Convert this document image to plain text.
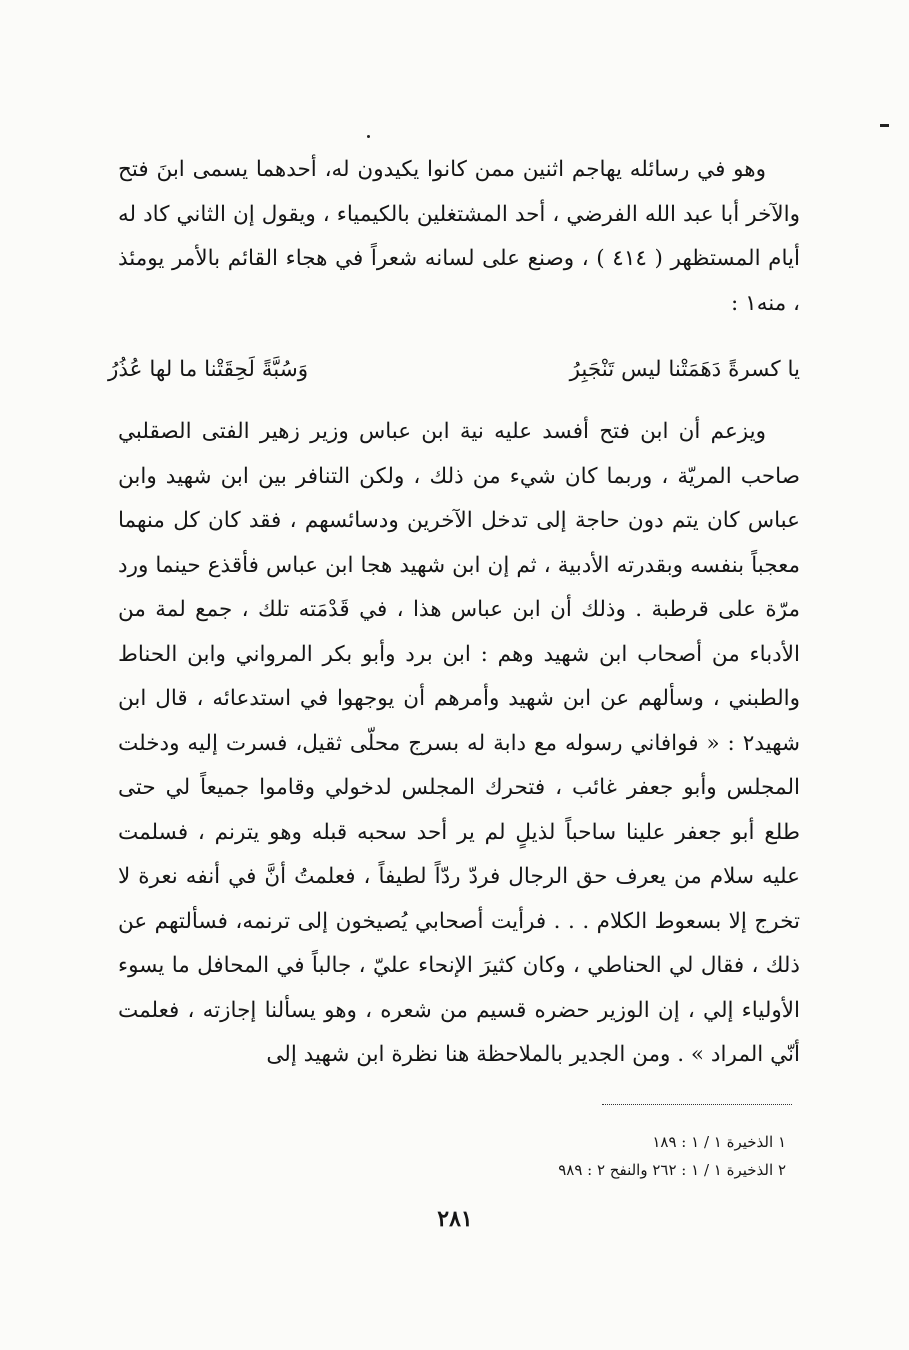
وهو في رسائله يهاجم اثنين ممن كانوا يكيدون له، أحدهما يسمى ابنَ فتح والآخر أبا عبد الله الفرضي ، أحد المشتغلين بالكيمياء ، ويقول إن الثاني كاد له أيام المستظهر ( ٤١٤ ) ، وصنع على لسانه شعراً في هجاء القائم بالأمر يومئذ ، منه١ :

يا كسرةً دَهَمَتْنا ليس تَنْجَبِرُ
وَسُبَّةً لَحِقَتْنا ما لها عُذُرُ

ويزعم أن ابن فتح أفسد عليه نية ابن عباس وزير زهير الفتى الصقلبي صاحب المريّة ، وربما كان شيء من ذلك ، ولكن التنافر بين ابن شهيد وابن عباس كان يتم دون حاجة إلى تدخل الآخرين ودسائسهم ، فقد كان كل منهما معجباً بنفسه وبقدرته الأدبية ، ثم إن ابن شهيد هجا ابن عباس فأقذع حينما ورد مرّة على قرطبة . وذلك أن ابن عباس هذا ، في قَدْمَته تلك ، جمع لمة من الأدباء من أصحاب ابن شهيد وهم : ابن برد وأبو بكر المرواني وابن الحناط والطبني ، وسألهم عن ابن شهيد وأمرهم أن يوجهوا في استدعائه ، قال ابن شهيد٢ : « فوافاني رسوله مع دابة له بسرج محلّى ثقيل، فسرت إليه ودخلت المجلس وأبو جعفر غائب ، فتحرك المجلس لدخولي وقاموا جميعاً لي حتى طلع أبو جعفر علينا ساحباً لذيلٍ لم ير أحد سحبه قبله وهو يترنم ، فسلمت عليه سلام من يعرف حق الرجال فردّ ردّاً لطيفاً ، فعلمتُ أنَّ في أنفه نعرة لا تخرج إلا بسعوط الكلام . . . فرأيت أصحابي يُصيخون إلى ترنمه، فسألتهم عن ذلك ، فقال لي الحناطي ، وكان كثيرَ الإنحاء عليّ ، جالباً في المحافل ما يسوء الأولياء إلي ، إن الوزير حضره قسيم من شعره ، وهو يسألنا إجازته ، فعلمت أنّي المراد » . ومن الجدير بالملاحظة هنا نظرة ابن شهيد إلى

١ الذخيرة ١ / ١ : ١٨٩
٢ الذخيرة ١ / ١ : ٢٦٢ والنفح ٢ : ٩٨٩
٢٨١
